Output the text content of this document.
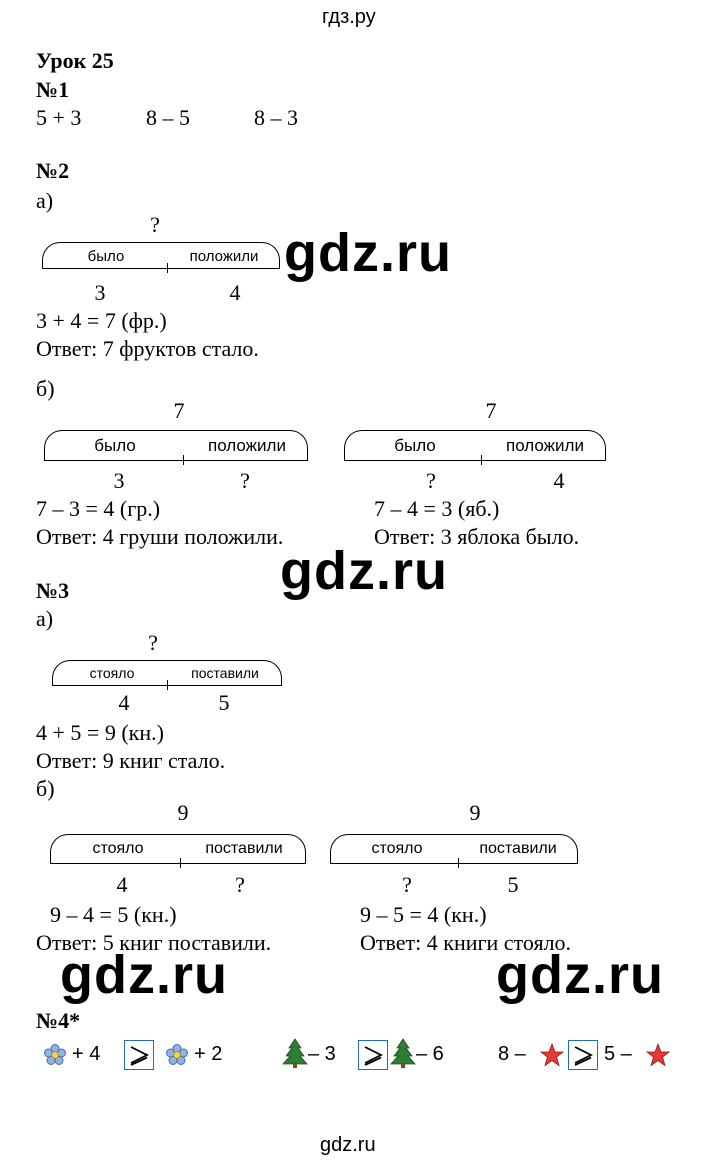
гдз.ру
Урок 25
№1
5 + 3	8 – 5	8 – 3
№2
а)
?
было	положили
3	4
3 + 4 = 7 (фр.)
Ответ: 7 фруктов стало.
gdz.ru
б)
7
было	положили
3	?
7 – 3 = 4 (гр.)
Ответ: 4 груши положили.
7
было	положили
?	4
7 – 4 = 3 (яб.)
Ответ: 3 яблока было.
gdz.ru
№3
а)
?
стояло	поставили
4	5
4 + 5 = 9 (кн.)
Ответ: 9 книг стало.
б)
9
стояло	поставили
4	?
9 – 4 = 5 (кн.)
Ответ: 5 книг поставили.
9
стояло	поставили
?	5
9 – 5 = 4 (кн.)
Ответ: 4 книги стояло.
gdz.ru	gdz.ru
№4*
+ 4	+ 2	– 3	– 6	8 –	5 –
gdz.ru
